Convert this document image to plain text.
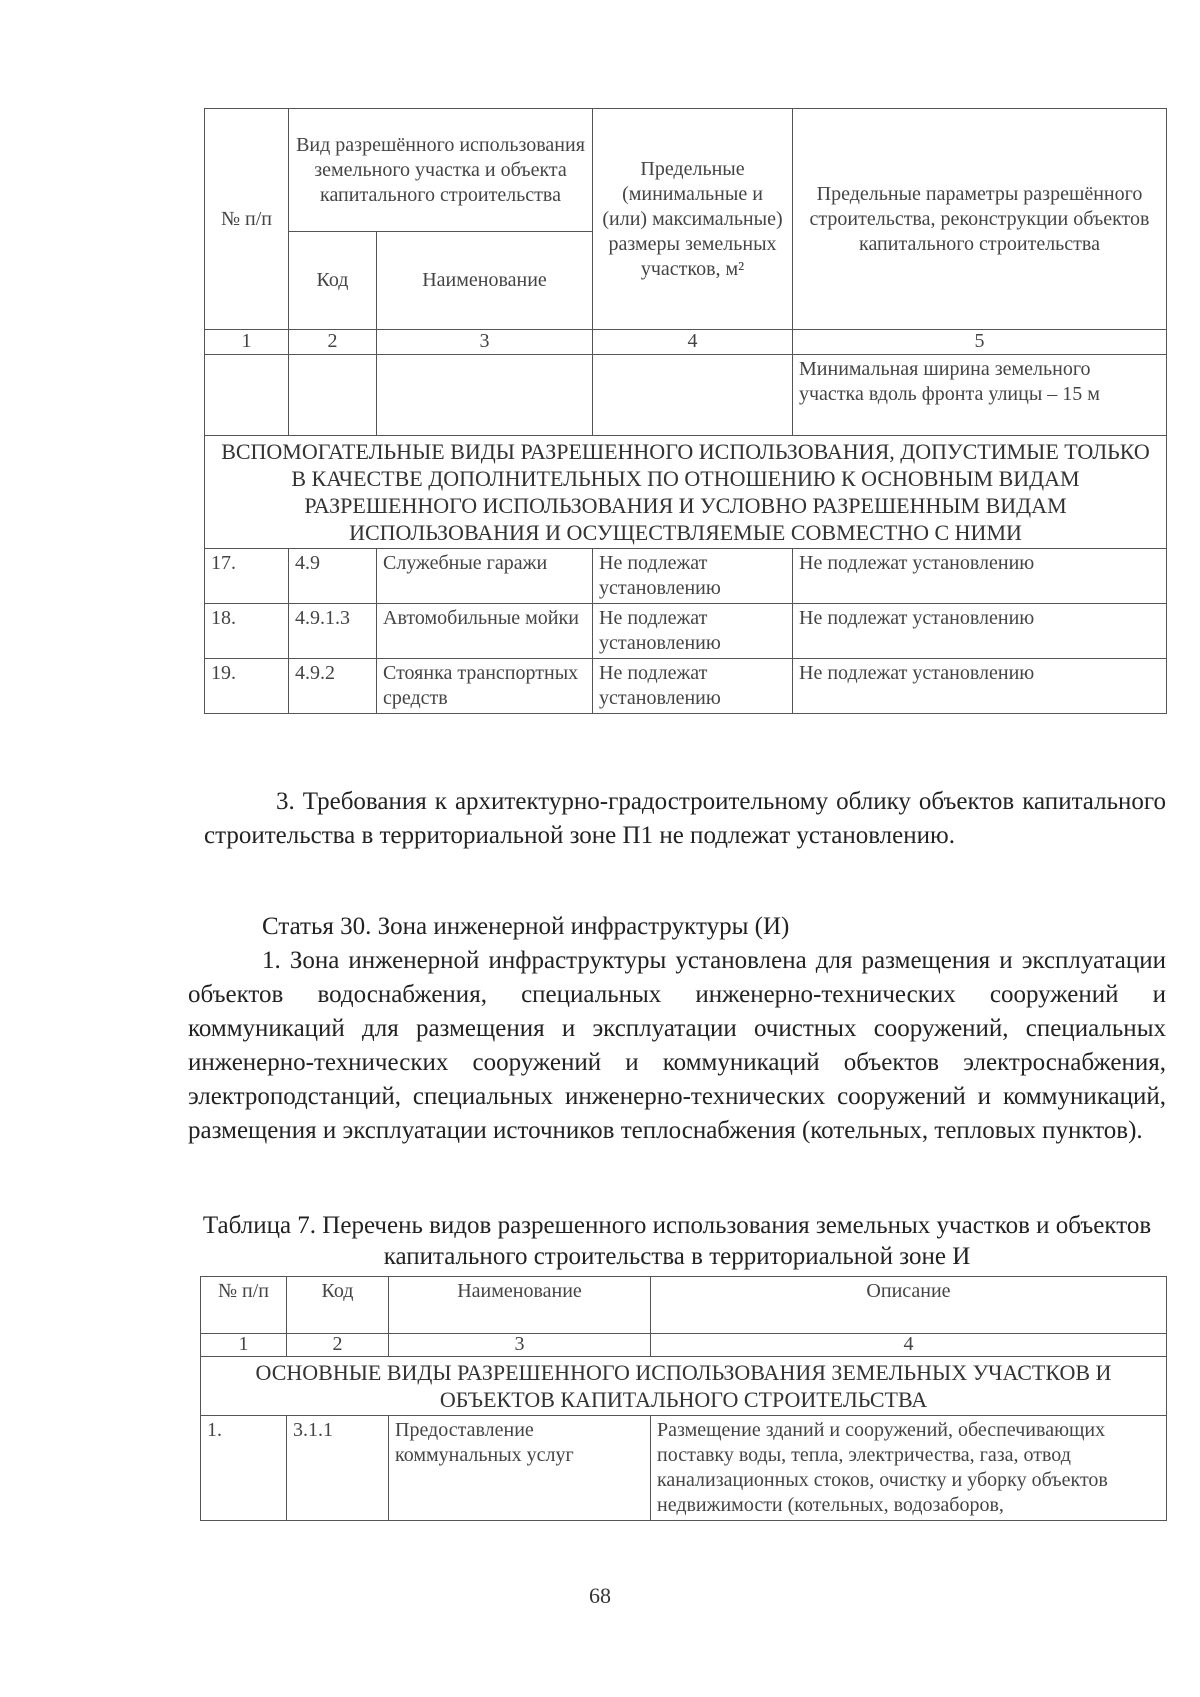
№ п/п	Вид разрешённого использования земельного участка и объекта капитального строительства		Предельные (минимальные и (или) максимальные) размеры земельных участков, м²	Предельные параметры разрешённого строительства, реконструкции объектов капитального строительства
	Код	Наименование		
1	2	3	4	5
				Минимальная ширина земельного участка вдоль фронта улицы – 15 м
ВСПОМОГАТЕЛЬНЫЕ ВИДЫ РАЗРЕШЕННОГО ИСПОЛЬЗОВАНИЯ, ДОПУСТИМЫЕ ТОЛЬКО В КАЧЕСТВЕ ДОПОЛНИТЕЛЬНЫХ ПО ОТНОШЕНИЮ К ОСНОВНЫМ ВИДАМ РАЗРЕШЕННОГО ИСПОЛЬЗОВАНИЯ И УСЛОВНО РАЗРЕШЕННЫМ ВИДАМ ИСПОЛЬЗОВАНИЯ И ОСУЩЕСТВЛЯЕМЫЕ СОВМЕСТНО С НИМИ				
17.	4.9	Служебные гаражи	Не подлежат установлению	Не подлежат установлению
18.	4.9.1.3	Автомобильные мойки	Не подлежат установлению	Не подлежат установлению
19.	4.9.2	Стоянка транспортных средств	Не подлежат установлению	Не подлежат установлению

3. Требования к архитектурно-градостроительному облику объектов капитального строительства в территориальной зоне П1 не подлежат установлению.

Статья 30. Зона инженерной инфраструктуры (И)

1. Зона инженерной инфраструктуры установлена для размещения и эксплуатации объектов водоснабжения, специальных инженерно-технических сооружений и коммуникаций для размещения и эксплуатации очистных сооружений, специальных инженерно-технических сооружений и коммуникаций объектов электроснабжения, электроподстанций, специальных инженерно-технических сооружений и коммуникаций, размещения и эксплуатации источников теплоснабжения (котельных, тепловых пунктов).

Таблица 7. Перечень видов разрешенного использования земельных участков и объектов капитального строительства в территориальной зоне И

№ п/п	Код	Наименование	Описание
1	2	3	4
ОСНОВНЫЕ ВИДЫ РАЗРЕШЕННОГО ИСПОЛЬЗОВАНИЯ ЗЕМЕЛЬНЫХ УЧАСТКОВ И ОБЪЕКТОВ КАПИТАЛЬНОГО СТРОИТЕЛЬСТВА			
1.	3.1.1	Предоставление коммунальных услуг	Размещение зданий и сооружений, обеспечивающих поставку воды, тепла, электричества, газа, отвод канализационных стоков, очистку и уборку объектов недвижимости (котельных, водозаборов,
68
